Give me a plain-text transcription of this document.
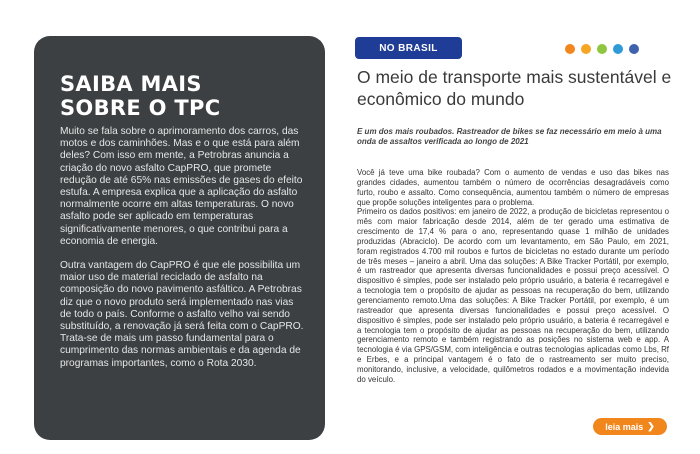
SAIBA MAIS
SOBRE O TPC

Muito se fala sobre o aprimoramento dos carros, das motos e dos caminhões. Mas e o que está para além deles? Com isso em mente, a Petrobras anuncia a criação do novo asfalto CapPRO, que promete redução de até 65% nas emissões de gases do efeito estufa. A empresa explica que a aplicação do asfalto normalmente ocorre em altas temperaturas. O novo asfalto pode ser aplicado em temperaturas significativamente menores, o que contribui para a economia de energia.

Outra vantagem do CapPRO é que ele possibilita um maior uso de material reciclado de asfalto na composição do novo pavimento asfáltico. A Petrobras diz que o novo produto será implementado nas vias de todo o país. Conforme o asfalto velho vai sendo substituído, a renovação já será feita com o CapPRO. Trata-se de mais um passo fundamental para o cumprimento das normas ambientais e da agenda de programas importantes, como o Rota 2030.

NO BRASIL
O meio de transporte mais sustentável e econômico do mundo
E um dos mais roubados. Rastreador de bikes se faz necessário em meio à uma onda de assaltos verificada ao longo de 2021

Você já teve uma bike roubada? Com o aumento de vendas e uso das bikes nas grandes cidades, aumentou também o número de ocorrências desagradáveis como furto, roubo e assalto. Como consequência, aumentou também o número de empresas que propõe soluções inteligentes para o problema.

Primeiro os dados positivos: em janeiro de 2022, a produção de bicicletas representou o mês com maior fabricação desde 2014, além de ter gerado uma estimativa de crescimento de 17,4 % para o ano, representando quase 1 milhão de unidades produzidas (Abraciclo). De acordo com um levantamento, em São Paulo, em 2021, foram registrados 4.700 mil roubos e furtos de bicicletas no estado durante um período de três meses – janeiro a abril. Uma das soluções: A Bike Tracker Portátil, por exemplo, é um rastreador que apresenta diversas funcionalidades e possui preço acessível. O dispositivo é simples, pode ser instalado pelo próprio usuário, a bateria é recarregável e a tecnologia tem o propósito de ajudar as pessoas na recuperação do bem, utilizando gerenciamento remoto.Uma das soluções: A Bike Tracker Portátil, por exemplo, é um rastreador que apresenta diversas funcionalidades e possui preço acessível. O dispositivo é simples, pode ser instalado pelo próprio usuário, a bateria é recarregável e a tecnologia tem o propósito de ajudar as pessoas na recuperação do bem, utilizando gerenciamento remoto e também registrando as posições no sistema web e app. A tecnologia é via GPS/GSM, com inteligência e outras tecnologias aplicadas como Lbs, Rf e Erbes, e a principal vantagem é o fato de o rastreamento ser muito preciso, monitorando, inclusive, a velocidade, quilômetros rodados e a movimentação indevida do veículo.

leia mais ❯
